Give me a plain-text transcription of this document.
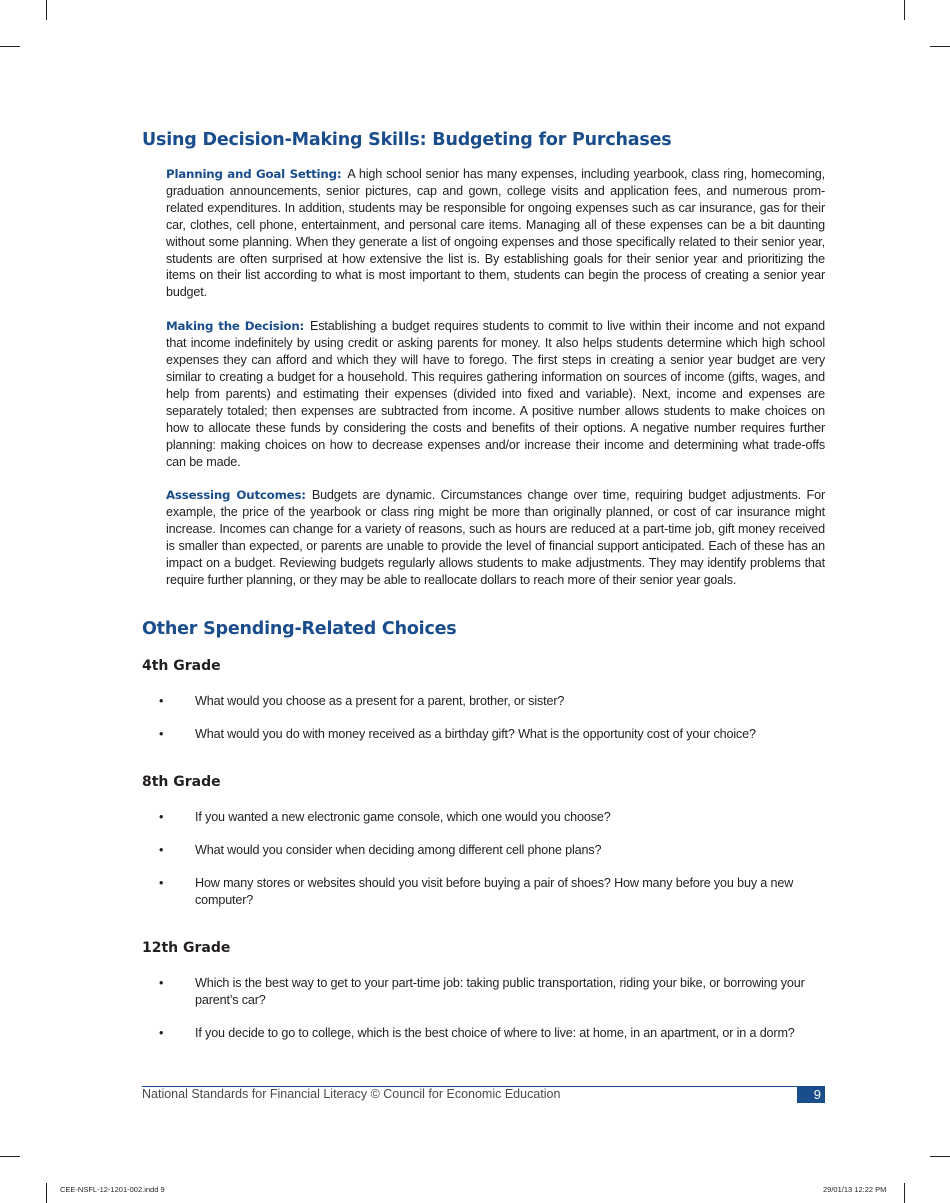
Using Decision-Making Skills: Budgeting for Purchases

Planning and Goal Setting: A high school senior has many expenses, including yearbook, class ring, homecoming, graduation announcements, senior pictures, cap and gown, college visits and application fees, and numerous prom-related expenditures. In addition, students may be responsible for ongoing expenses such as car insurance, gas for their car, clothes, cell phone, entertainment, and personal care items. Managing all of these expenses can be a bit daunting without some planning. When they generate a list of ongoing expenses and those specifically related to their senior year, students are often surprised at how extensive the list is. By establishing goals for their senior year and prioritizing the items on their list according to what is most important to them, students can begin the process of creating a senior year budget.

Making the Decision: Establishing a budget requires students to commit to live within their income and not expand that income indefinitely by using credit or asking parents for money. It also helps students determine which high school expenses they can afford and which they will have to forego. The first steps in creating a senior year budget are very similar to creating a budget for a household. This requires gathering information on sources of income (gifts, wages, and help from parents) and estimating their expenses (divided into fixed and variable). Next, income and expenses are separately totaled; then expenses are subtracted from income. A positive number allows students to make choices on how to allocate these funds by considering the costs and benefits of their options. A negative number requires further planning: making choices on how to decrease expenses and/or increase their income and determining what trade-offs can be made.

Assessing Outcomes: Budgets are dynamic. Circumstances change over time, requiring budget adjustments. For example, the price of the yearbook or class ring might be more than originally planned, or cost of car insurance might increase. Incomes can change for a variety of reasons, such as hours are reduced at a part-time job, gift money received is smaller than expected, or parents are unable to provide the level of financial support anticipated. Each of these has an impact on a budget. Reviewing budgets regularly allows students to make adjustments. They may identify problems that require further planning, or they may be able to reallocate dollars to reach more of their senior year goals.

Other Spending-Related Choices
4th Grade
•	What would you choose as a present for a parent, brother, or sister?
•	What would you do with money received as a birthday gift? What is the opportunity cost of your choice?
8th Grade
•	If you wanted a new electronic game console, which one would you choose?
•	What would you consider when deciding among different cell phone plans?
•	How many stores or websites should you visit before buying a pair of shoes? How many before you buy a new computer?
12th Grade
•	Which is the best way to get to your part-time job: taking public transportation, riding your bike, or borrowing your parent’s car?
•	If you decide to go to college, which is the best choice of where to live: at home, in an apartment, or in a dorm?
National Standards for Financial Literacy © Council for Economic Education	9
CEE-NSFL-12-1201-002.indd 9	29/01/13 12:22 PM
